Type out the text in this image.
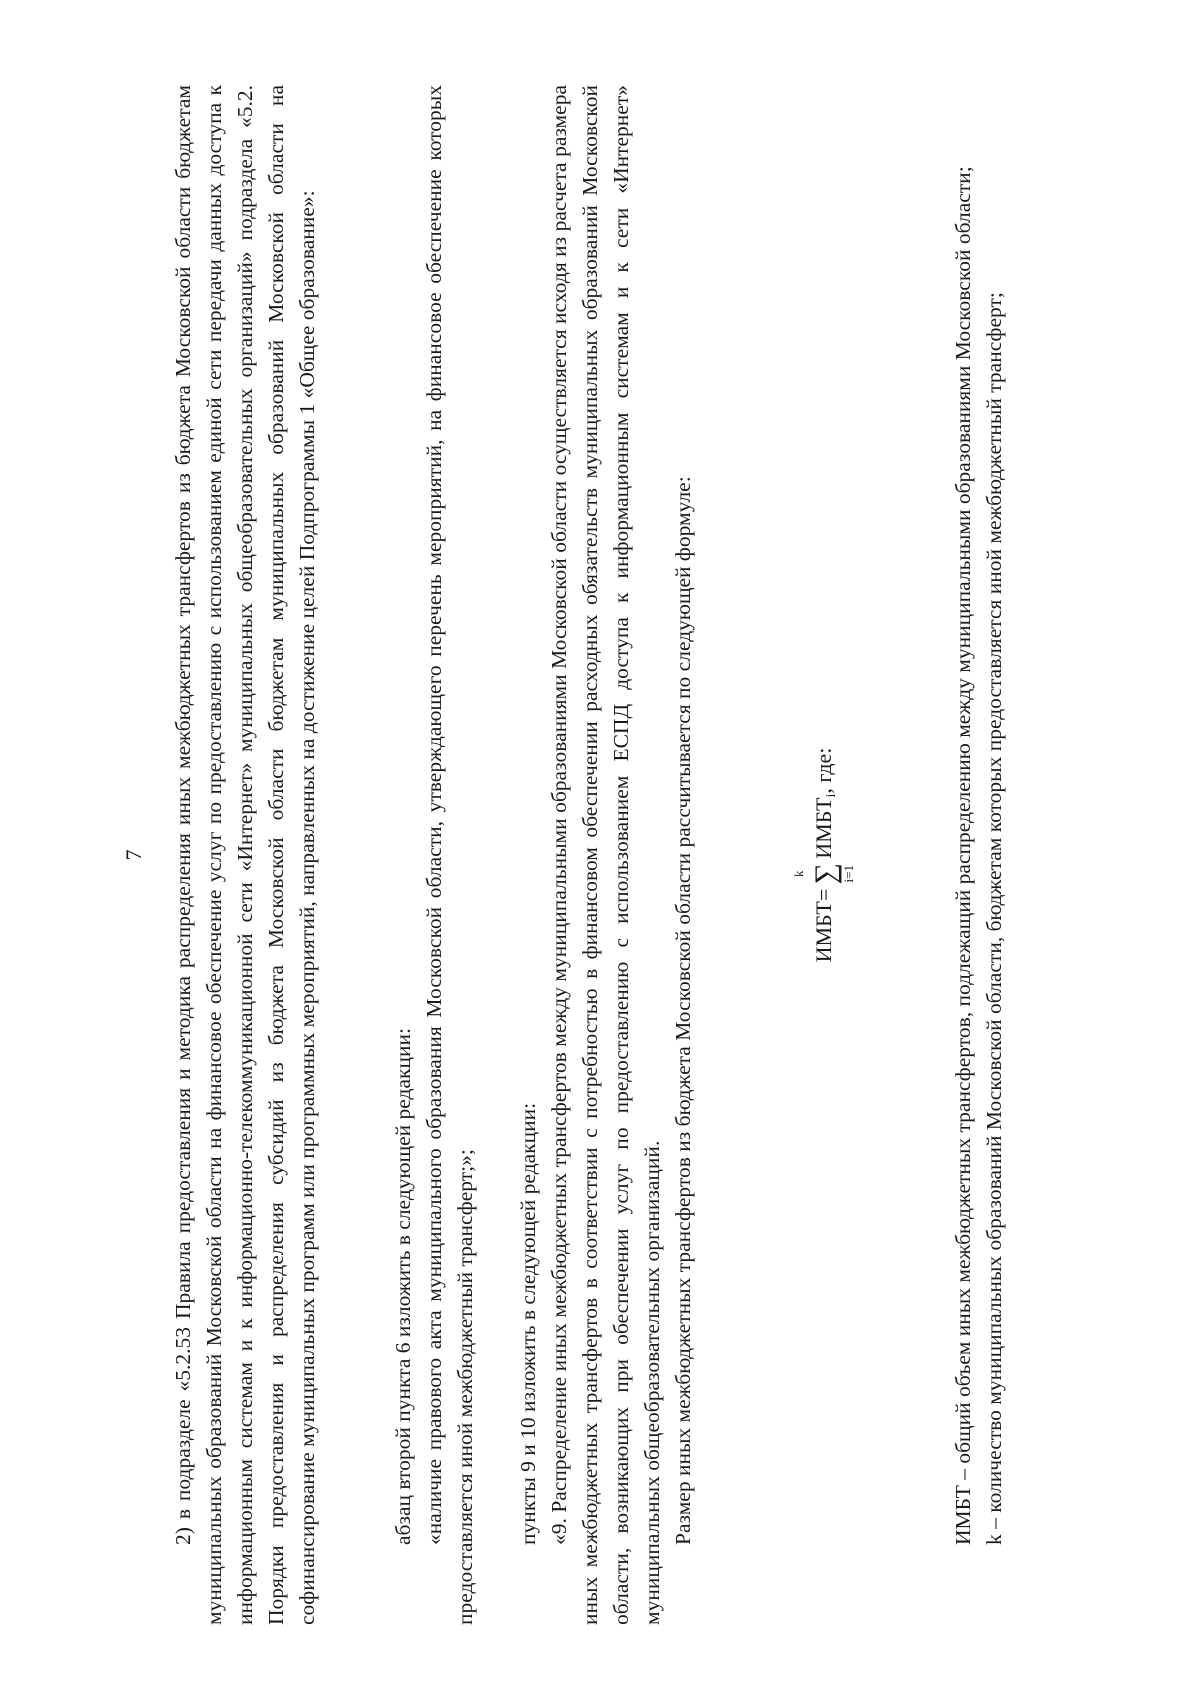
7 2) в подразделе «5.2.53 Правила предоставления и методика распределения иных межбюджетных трансфертов из бюджета Московской области бюджетам муниципальных образований Московской области на финансовое обеспечение услуг по предоставлению с использованием единой сети передачи данных доступа к информационным системам и к информационно-телекоммуникационной сети «Интернет» муниципальных общеобразовательных организаций» подраздела «5.2. Порядки предоставления и распределения субсидий из бюджета Московской области бюджетам муниципальных образований Московской области на софинансирование муниципальных программ или программных мероприятий, направленных на достижение целей Подпрограммы 1 «Общее образование»:	абзац второй пункта 6 изложить в следующей редакции: «наличие правового акта муниципального образования Московской области, утверждающего перечень мероприятий, на финансовое обеспечение которых предоставляется иной межбюджетный трансферт;»; пункты 9 и 10 изложить в следующей редакции: «9. Распределение иных межбюджетных трансфертов между муниципальными образованиями Московской области осуществляется исходя из расчета размера иных межбюджетных трансфертов в соответствии с потребностью в финансовом обеспечении расходных обязательств муниципальных образований Московской области, возникающих при обеспечении услуг по предоставлению с использованием ЕСПД доступа к информационным системам и к сети «Интернет» муниципальных общеобразовательных организаций. Размер иных межбюджетных трансфертов из бюджета Московской области рассчитывается по следующей формуле:	ИМБТ=
k ∑ i=1
ИМБТi, где:	ИМБТ – общий объем иных межбюджетных трансфертов, подлежащий распределению между муниципальными образованиями Московской области; k – количество муниципальных образований Московской области, бюджетам которых предоставляется иной межбюджетный трансферт;
